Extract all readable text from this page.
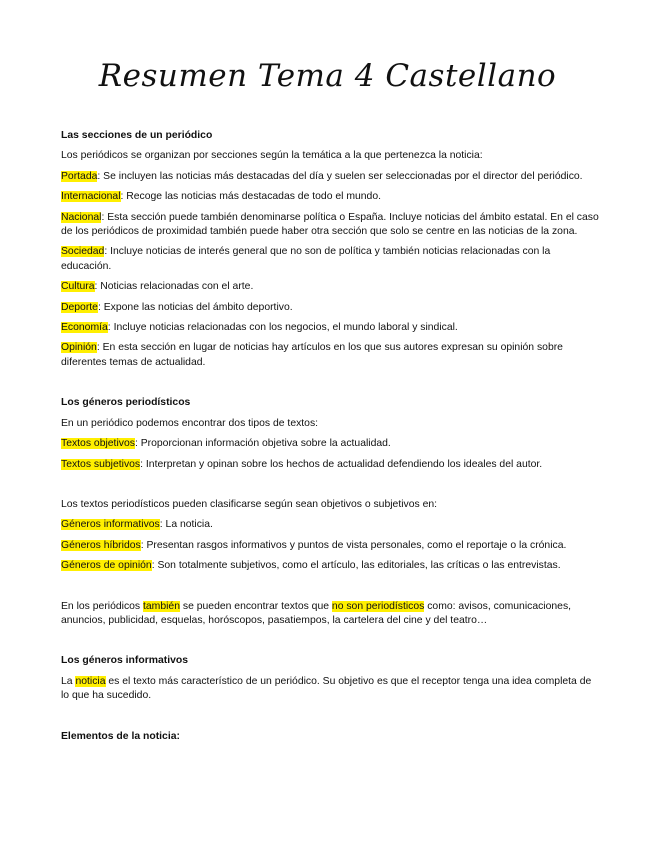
Resumen Tema 4 Castellano

Las secciones de un periódico

Los periódicos se organizan por secciones según la temática a la que pertenezca la noticia:

Portada: Se incluyen las noticias más destacadas del día y suelen ser seleccionadas por el director del periódico.

Internacional: Recoge las noticias más destacadas de todo el mundo.

Nacional: Esta sección puede también denominarse política o España. Incluye noticias del ámbito estatal. En el caso de los periódicos de proximidad también puede haber otra sección que solo se centre en las noticias de la zona.

Sociedad: Incluye noticias de interés general que no son de política y también noticias relacionadas con la educación.

Cultura: Noticias relacionadas con el arte.

Deporte: Expone las noticias del ámbito deportivo.

Economía: Incluye noticias relacionadas con los negocios, el mundo laboral y sindical.

Opinión: En esta sección en lugar de noticias hay artículos en los que sus autores expresan su opinión sobre diferentes temas de actualidad.

Los géneros periodísticos

En un periódico podemos encontrar dos tipos de textos:

Textos objetivos: Proporcionan información objetiva sobre la actualidad.

Textos subjetivos: Interpretan y opinan sobre los hechos de actualidad defendiendo los ideales del autor.

Los textos periodísticos pueden clasificarse según sean objetivos o subjetivos en:

Géneros informativos: La noticia.

Géneros híbridos: Presentan rasgos informativos y puntos de vista personales, como el reportaje o la crónica.

Géneros de opinión: Son totalmente subjetivos, como el artículo, las editoriales, las críticas o las entrevistas.

En los periódicos también se pueden encontrar textos que no son periodísticos como: avisos, comunicaciones, anuncios, publicidad, esquelas, horóscopos, pasatiempos, la cartelera del cine y del teatro…

Los géneros informativos

La noticia es el texto más característico de un periódico. Su objetivo es que el receptor tenga una idea completa de lo que ha sucedido.

Elementos de la noticia:
